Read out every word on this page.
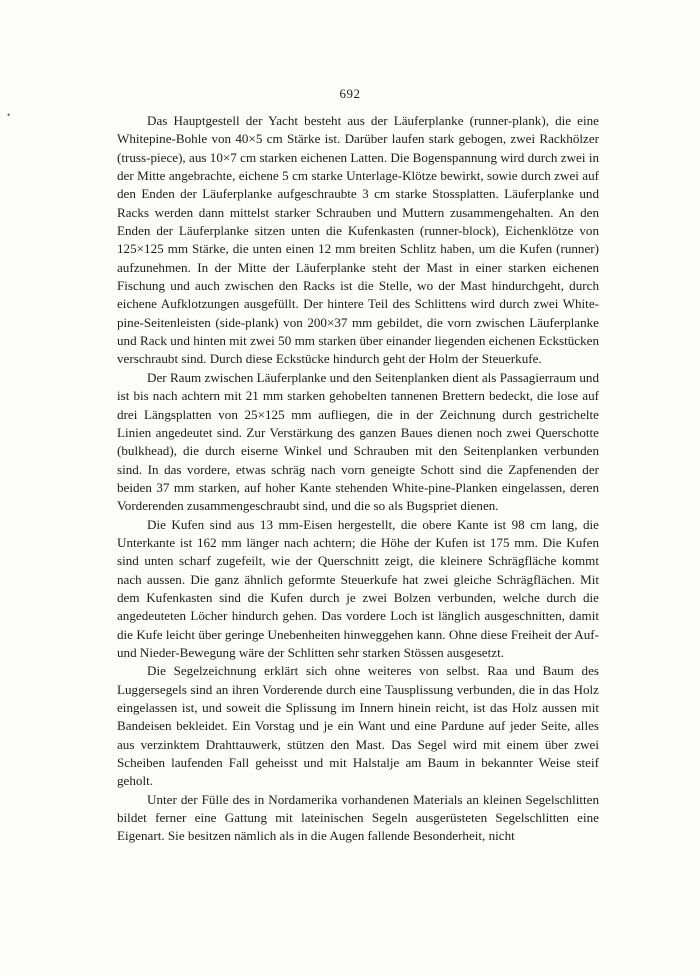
692
•	Das Hauptgestell der Yacht besteht aus der Läuferplanke (runner-plank), die eine Whitepine-Bohle von 40×5 cm Stärke ist. Darüber laufen stark gebogen, zwei Rackhölzer (truss-piece), aus 10×7 cm starken eichenen Latten. Die Bogenspannung wird durch zwei in der Mitte angebrachte, eichene 5 cm starke Unterlage-Klötze bewirkt, sowie durch zwei auf den Enden der Läuferplanke aufgeschraubte 3 cm starke Stossplatten. Läuferplanke und Racks werden dann mittelst starker Schrauben und Muttern zusammengehalten. An den Enden der Läuferplanke sitzen unten die Kufenkasten (runner-block), Eichenklötze von 125×125 mm Stärke, die unten einen 12 mm breiten Schlitz haben, um die Kufen (runner) aufzunehmen. In der Mitte der Läuferplanke steht der Mast in einer starken eichenen Fischung und auch zwischen den Racks ist die Stelle, wo der Mast hindurchgeht, durch eichene Aufklotzungen ausgefüllt. Der hintere Teil des Schlittens wird durch zwei White-pine-Seitenleisten (side-plank) von 200×37 mm gebildet, die vorn zwischen Läuferplanke und Rack und hinten mit zwei 50 mm starken über einander liegenden eichenen Eckstücken verschraubt sind. Durch diese Eckstücke hindurch geht der Holm der Steuerkufe.

Der Raum zwischen Läuferplanke und den Seitenplanken dient als Passagierraum und ist bis nach achtern mit 21 mm starken gehobelten tannenen Brettern bedeckt, die lose auf drei Längsplatten von 25×125 mm aufliegen, die in der Zeichnung durch gestrichelte Linien angedeutet sind. Zur Verstärkung des ganzen Baues dienen noch zwei Querschotte (bulkhead), die durch eiserne Winkel und Schrauben mit den Seitenplanken verbunden sind. In das vordere, etwas schräg nach vorn geneigte Schott sind die Zapfenenden der beiden 37 mm starken, auf hoher Kante stehenden White-pine-Planken eingelassen, deren Vorderenden zusammengeschraubt sind, und die so als Bugspriet dienen.

Die Kufen sind aus 13 mm-Eisen hergestellt, die obere Kante ist 98 cm lang, die Unterkante ist 162 mm länger nach achtern; die Höhe der Kufen ist 175 mm. Die Kufen sind unten scharf zugefeilt, wie der Querschnitt zeigt, die kleinere Schrägfläche kommt nach aussen. Die ganz ähnlich geformte Steuerkufe hat zwei gleiche Schrägflächen. Mit dem Kufenkasten sind die Kufen durch je zwei Bolzen verbunden, welche durch die angedeuteten Löcher hindurch gehen. Das vordere Loch ist länglich ausgeschnitten, damit die Kufe leicht über geringe Unebenheiten hinweggehen kann. Ohne diese Freiheit der Auf- und Nieder-Bewegung wäre der Schlitten sehr starken Stössen ausgesetzt.

Die Segelzeichnung erklärt sich ohne weiteres von selbst. Raa und Baum des Luggersegels sind an ihren Vorderende durch eine Tausplissung verbunden, die in das Holz eingelassen ist, und soweit die Splissung im Innern hinein reicht, ist das Holz aussen mit Bandeisen bekleidet. Ein Vorstag und je ein Want und eine Pardune auf jeder Seite, alles aus verzinktem Drahttauwerk, stützen den Mast. Das Segel wird mit einem über zwei Scheiben laufenden Fall geheisst und mit Halstalje am Baum in bekannter Weise steif geholt.

Unter der Fülle des in Nordamerika vorhandenen Materials an kleinen Segelschlitten bildet ferner eine Gattung mit lateinischen Segeln ausgerüsteten Segelschlitten eine Eigenart. Sie besitzen nämlich als in die Augen fallende Besonderheit, nicht
